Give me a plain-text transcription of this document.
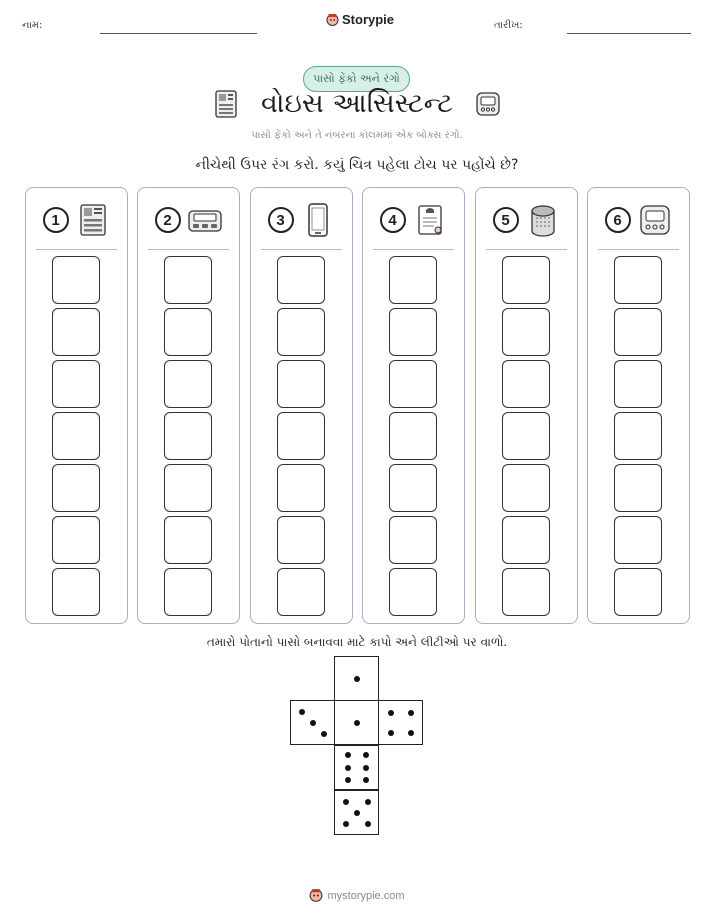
નામ:	Storypie	તારીખ:
પાસો ફેંકો અને રંગો
વોઇસ આસિસ્ટન્ટ
પાસો ફેંકો અને તે નંબરના કૉલમમાં એક બોક્સ રંગો.
નીચેથી ઉપર રંગ કરો. કયું ચિત્ર પહેલા ટોચ પર પહોંચે છે?
1	2	3	4	5	6
તમારો પોતાનો પાસો બનાવવા માટે કાપો અને લીટીઓ પર વાળો.
mystorypie.com
